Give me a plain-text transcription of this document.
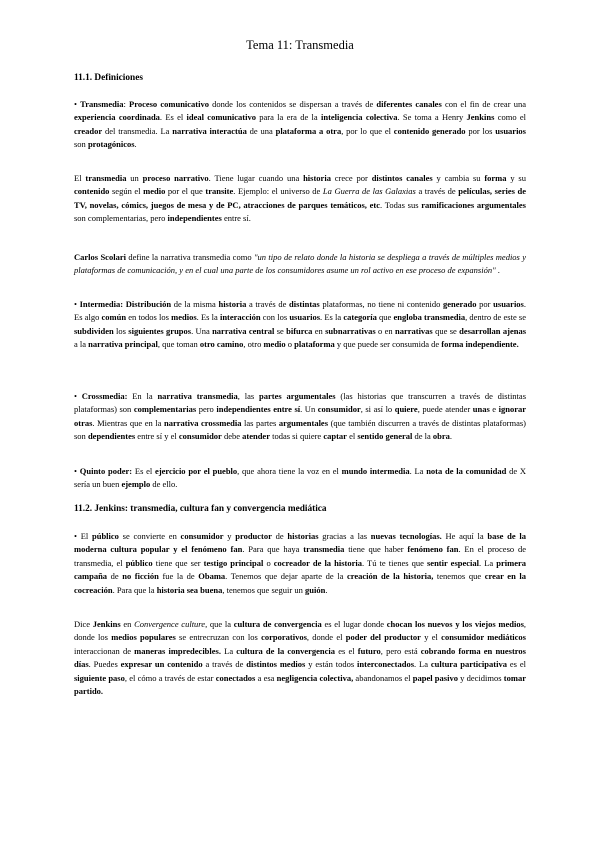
Tema 11: Transmedia
11.1. Definiciones

• Transmedia: Proceso comunicativo donde los contenidos se dispersan a través de diferentes canales con el fin de crear una experiencia coordinada. Es el ideal comunicativo para la era de la inteligencia colectiva. Se toma a Henry Jenkins como el creador del transmedia. La narrativa interactúa de una plataforma a otra, por lo que el contenido generado por los usuarios son protagónicos.

El transmedia un proceso narrativo. Tiene lugar cuando una historia crece por distintos canales y cambia su forma y su contenido según el medio por el que transite. Ejemplo: el universo de La Guerra de las Galaxias a través de películas, series de TV, novelas, cómics, juegos de mesa y de PC, atracciones de parques temáticos, etc. Todas sus ramificaciones argumentales son complementarias, pero independientes entre sí.

Carlos Scolari define la narrativa transmedia como "un tipo de relato donde la historia se despliega a través de múltiples medios y plataformas de comunicación, y en el cual una parte de los consumidores asume un rol activo en ese proceso de expansión" .

• Intermedia: Distribución de la misma historia a través de distintas plataformas, no tiene ni contenido generado por usuarios. Es algo común en todos los medios. Es la interacción con los usuarios. Es la categoría que engloba transmedia, dentro de este se subdividen los siguientes grupos. Una narrativa central se bifurca en subnarrativas o en narrativas que se desarrollan ajenas a la narrativa principal, que toman otro camino, otro medio o plataforma y que puede ser consumida de forma independiente.

• Crossmedia: En la narrativa transmedia, las partes argumentales (las historias que transcurren a través de distintas plataformas) son complementarias pero independientes entre sí. Un consumidor, si así lo quiere, puede atender unas e ignorar otras. Mientras que en la narrativa crossmedia las partes argumentales (que también discurren a través de distintas plataformas) son dependientes entre sí y el consumidor debe atender todas si quiere captar el sentido general de la obra.

• Quinto poder: Es el ejercicio por el pueblo, que ahora tiene la voz en el mundo intermedia. La nota de la comunidad de X sería un buen ejemplo de ello.

11.2. Jenkins: transmedia, cultura fan y convergencia mediática

• El público se convierte en consumidor y productor de historias gracias a las nuevas tecnologías. He aquí la base de la moderna cultura popular y el fenómeno fan. Para que haya transmedia tiene que haber fenómeno fan. En el proceso de transmedia, el público tiene que ser testigo principal o cocreador de la historia. Tú te tienes que sentir especial. La primera campaña de no ficción fue la de Obama. Tenemos que dejar aparte de la creación de la historia, tenemos que crear en la cocreación. Para que la historia sea buena, tenemos que seguir un guión.

Dice Jenkins en Convergence culture, que la cultura de convergencia es el lugar donde chocan los nuevos y los viejos medios, donde los medios populares se entrecruzan con los corporativos, donde el poder del productor y el consumidor mediáticos interaccionan de maneras impredecibles. La cultura de la convergencia es el futuro, pero está cobrando forma en nuestros días. Puedes expresar un contenido a través de distintos medios y están todos interconectados. La cultura participativa es el siguiente paso, el cómo a través de estar conectados a esa negligencia colectiva, abandonamos el papel pasivo y decidimos tomar partido.
